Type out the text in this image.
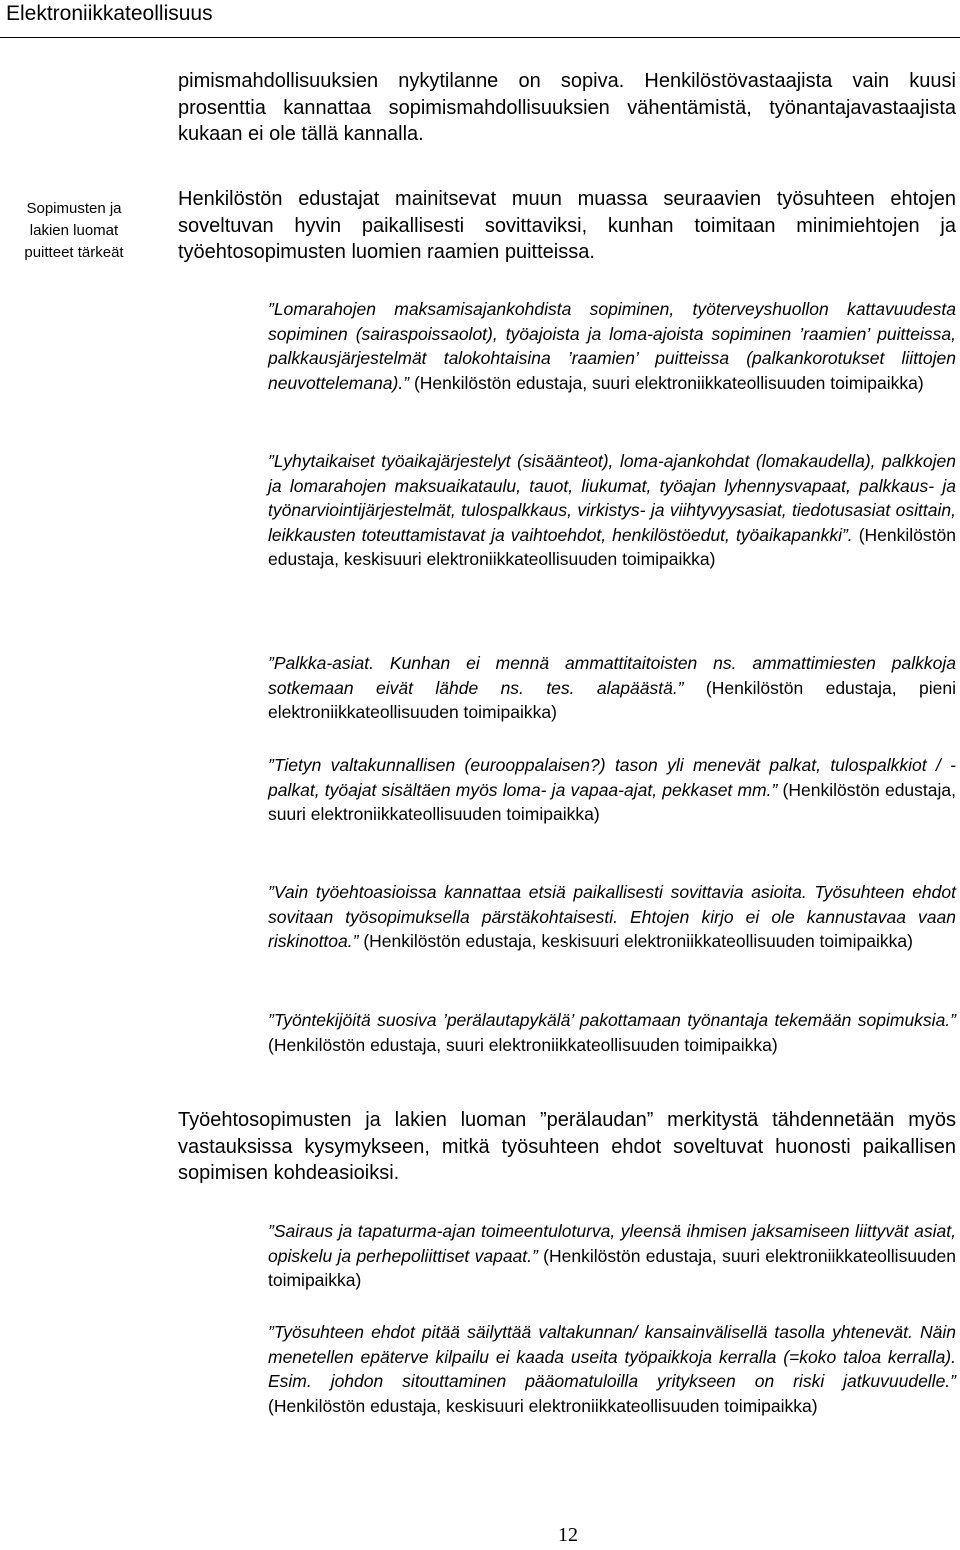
Elektroniikkateollisuus
Sopimusten ja
lakien luomat
puitteet tärkeät

pimismahdollisuuksien nykytilanne on sopiva. Henkilöstövastaajista vain kuusi prosenttia kannattaa sopimismahdollisuuksien vähentämistä, työnantajavastaajista kukaan ei ole tällä kannalla.

Henkilöstön edustajat mainitsevat muun muassa seuraavien työsuhteen ehtojen soveltuvan hyvin paikallisesti sovittaviksi, kunhan toimitaan minimiehtojen ja työehtosopimusten luomien raamien puitteissa.

”Lomarahojen maksamisajankohdista sopiminen, työterveyshuollon kattavuudesta sopiminen (sairaspoissaolot), työajoista ja loma-ajoista sopiminen ’raamien’ puitteissa, palkkausjärjestelmät talokohtaisina ’raamien’ puitteissa (palkankorotukset liittojen neuvottelemana).” (Henkilöstön edustaja, suuri elektroniikkateollisuuden toimipaikka)
”Lyhytaikaiset työaikajärjestelyt (sisäänteot), loma-ajankohdat (lomakaudella), palkkojen ja lomarahojen maksuaikataulu, tauot, liukumat, työajan lyhennysvapaat, palkkaus- ja työnarviointijärjestelmät, tulospalkkaus, virkistys- ja viihtyvyysasiat, tiedotusasiat osittain, leikkausten toteuttamistavat ja vaihtoehdot, henkilöstöedut, työaikapankki”. (Henkilöstön edustaja, keskisuuri elektroniikkateollisuuden toimipaikka)
”Palkka-asiat. Kunhan ei mennä ammattitaitoisten ns. ammattimiesten palkkoja sotkemaan eivät lähde ns. tes. alapäästä.” (Henkilöstön edustaja, pieni elektroniikkateollisuuden toimipaikka)
”Tietyn valtakunnallisen (eurooppalaisen?) tason yli menevät palkat, tulospalkkiot / -palkat, työajat sisältäen myös loma- ja vapaa-ajat, pekkaset mm.” (Henkilöstön edustaja, suuri elektroniikkateollisuuden toimipaikka)
”Vain työehtoasioissa kannattaa etsiä paikallisesti sovittavia asioita. Työsuhteen ehdot sovitaan työsopimuksella pärstäkohtaisesti. Ehtojen kirjo ei ole kannustavaa vaan riskinottoa.” (Henkilöstön edustaja, keskisuuri elektroniikkateollisuuden toimipaikka)
”Työntekijöitä suosiva ’perälautapykälä’ pakottamaan työnantaja tekemään sopimuksia.” (Henkilöstön edustaja, suuri elektroniikkateollisuuden toimipaikka)

Työehtosopimusten ja lakien luoman ”perälaudan” merkitystä tähdennetään myös vastauksissa kysymykseen, mitkä työsuhteen ehdot soveltuvat huonosti paikallisen sopimisen kohdeasioiksi.

”Sairaus ja tapaturma-ajan toimeentuloturva, yleensä ihmisen jaksamiseen liittyvät asiat, opiskelu ja perhepoliittiset vapaat.” (Henkilöstön edustaja, suuri elektroniikkateollisuuden toimipaikka)
”Työsuhteen ehdot pitää säilyttää valtakunnan/ kansainvälisellä tasolla yhtenevät. Näin menetellen epäterve kilpailu ei kaada useita työpaikkoja kerralla (=koko taloa kerralla). Esim. johdon sitouttaminen pääomatuloilla yritykseen on riski jatkuvuudelle.” (Henkilöstön edustaja, keskisuuri elektroniikkateollisuuden toimipaikka)
12
